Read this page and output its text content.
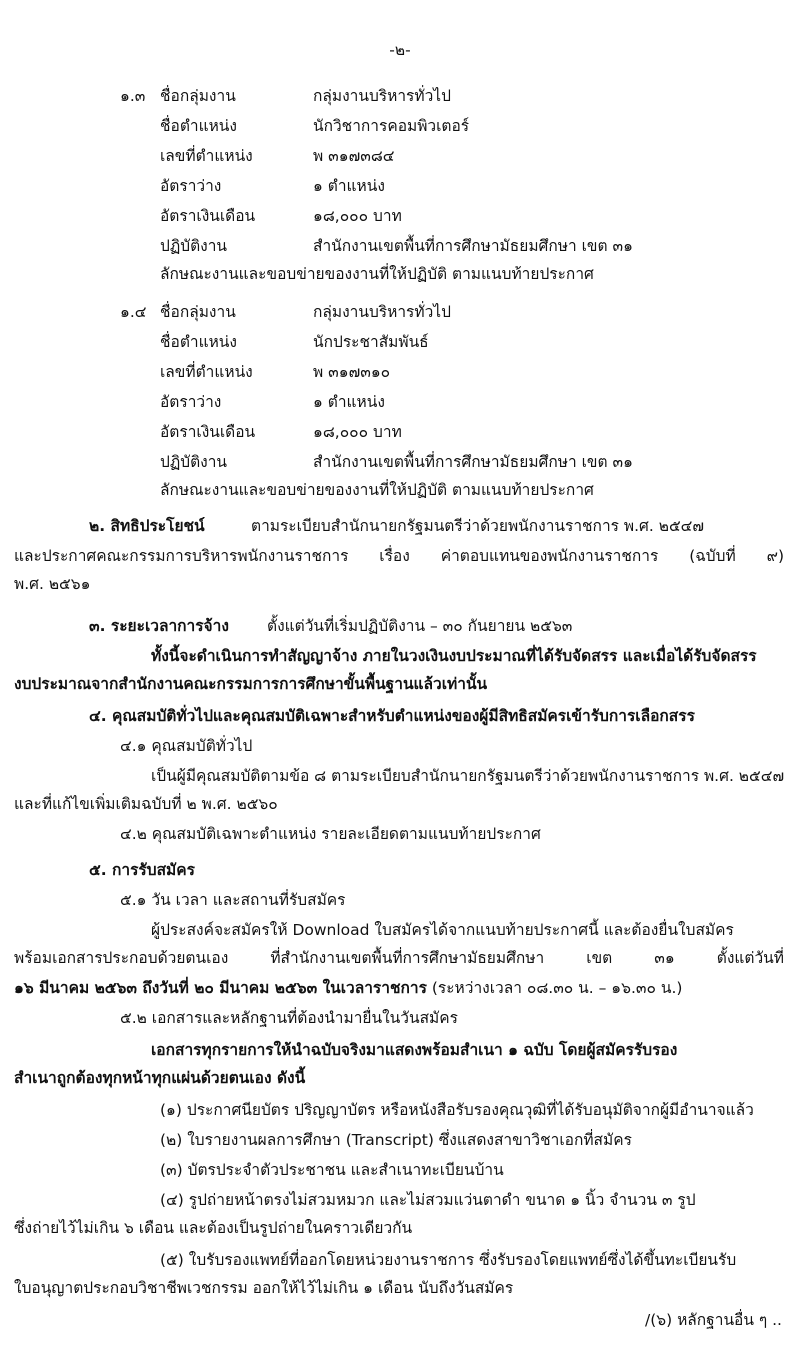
-๒-
๑.๓ ชื่อกลุ่มงาน	กลุ่มงานบริหารทั่วไป
ชื่อตำแหน่ง	นักวิชาการคอมพิวเตอร์
เลขที่ตำแหน่ง	พ ๓๑๗๓๘๔
อัตราว่าง	๑ ตำแหน่ง
อัตราเงินเดือน	๑๘,๐๐๐ บาท
ปฏิบัติงาน	สำนักงานเขตพื้นที่การศึกษามัธยมศึกษา เขต ๓๑
ลักษณะงานและขอบข่ายของงานที่ให้ปฏิบัติ ตามแนบท้ายประกาศ
๑.๔ ชื่อกลุ่มงาน	กลุ่มงานบริหารทั่วไป
ชื่อตำแหน่ง	นักประชาสัมพันธ์
เลขที่ตำแหน่ง	พ ๓๑๗๓๑๐
อัตราว่าง	๑ ตำแหน่ง
อัตราเงินเดือน	๑๘,๐๐๐ บาท
ปฏิบัติงาน	สำนักงานเขตพื้นที่การศึกษามัธยมศึกษา เขต ๓๑
ลักษณะงานและขอบข่ายของงานที่ให้ปฏิบัติ ตามแนบท้ายประกาศ
๒. สิทธิประโยชน์	ตามระเบียบสำนักนายกรัฐมนตรีว่าด้วยพนักงานราชการ พ.ศ. ๒๕๔๗
และประกาศคณะกรรมการบริหารพนักงานราชการ เรื่อง ค่าตอบแทนของพนักงานราชการ (ฉบับที่ ๙)
พ.ศ. ๒๕๖๑
๓. ระยะเวลาการจ้าง ตั้งแต่วันที่เริ่มปฏิบัติงาน – ๓๐ กันยายน ๒๕๖๓
ทั้งนี้จะดำเนินการทำสัญญาจ้าง ภายในวงเงินงบประมาณที่ได้รับจัดสรร และเมื่อได้รับจัดสรร
งบประมาณจากสำนักงานคณะกรรมการการศึกษาขั้นพื้นฐานแล้วเท่านั้น
๔. คุณสมบัติทั่วไปและคุณสมบัติเฉพาะสำหรับตำแหน่งของผู้มีสิทธิสมัครเข้ารับการเลือกสรร
๔.๑ คุณสมบัติทั่วไป
เป็นผู้มีคุณสมบัติตามข้อ ๘ ตามระเบียบสำนักนายกรัฐมนตรีว่าด้วยพนักงานราชการ พ.ศ. ๒๕๔๗
และที่แก้ไขเพิ่มเติมฉบับที่ ๒ พ.ศ. ๒๕๖๐
๔.๒ คุณสมบัติเฉพาะตำแหน่ง รายละเอียดตามแนบท้ายประกาศ
๕. การรับสมัคร
๕.๑ วัน เวลา และสถานที่รับสมัคร
ผู้ประสงค์จะสมัครให้ Download ใบสมัครได้จากแนบท้ายประกาศนี้ และต้องยื่นใบสมัคร
พร้อมเอกสารประกอบด้วยตนเอง ที่สำนักงานเขตพื้นที่การศึกษามัธยมศึกษา เขต ๓๑ ตั้งแต่วันที่
๑๖ มีนาคม ๒๕๖๓ ถึงวันที่ ๒๐ มีนาคม ๒๕๖๓ ในเวลาราชการ (ระหว่างเวลา ๐๘.๓๐ น. – ๑๖.๓๐ น.)
๕.๒ เอกสารและหลักฐานที่ต้องนำมายื่นในวันสมัคร
เอกสารทุกรายการให้นำฉบับจริงมาแสดงพร้อมสำเนา ๑ ฉบับ โดยผู้สมัครรับรอง
สำเนาถูกต้องทุกหน้าทุกแผ่นด้วยตนเอง ดังนี้
(๑) ประกาศนียบัตร ปริญญาบัตร หรือหนังสือรับรองคุณวุฒิที่ได้รับอนุมัติจากผู้มีอำนาจแล้ว
(๒) ใบรายงานผลการศึกษา (Transcript) ซึ่งแสดงสาขาวิชาเอกที่สมัคร
(๓) บัตรประจำตัวประชาชน และสำเนาทะเบียนบ้าน
(๔) รูปถ่ายหน้าตรงไม่สวมหมวก และไม่สวมแว่นตาดำ ขนาด ๑ นิ้ว จำนวน ๓ รูป
ซึ่งถ่ายไว้ไม่เกิน ๖ เดือน และต้องเป็นรูปถ่ายในคราวเดียวกัน
(๕) ใบรับรองแพทย์ที่ออกโดยหน่วยงานราชการ ซึ่งรับรองโดยแพทย์ซึ่งได้ขึ้นทะเบียนรับ
ใบอนุญาตประกอบวิชาชีพเวชกรรม ออกให้ไว้ไม่เกิน ๑ เดือน นับถึงวันสมัคร
/(๖) หลักฐานอื่น ๆ ..
